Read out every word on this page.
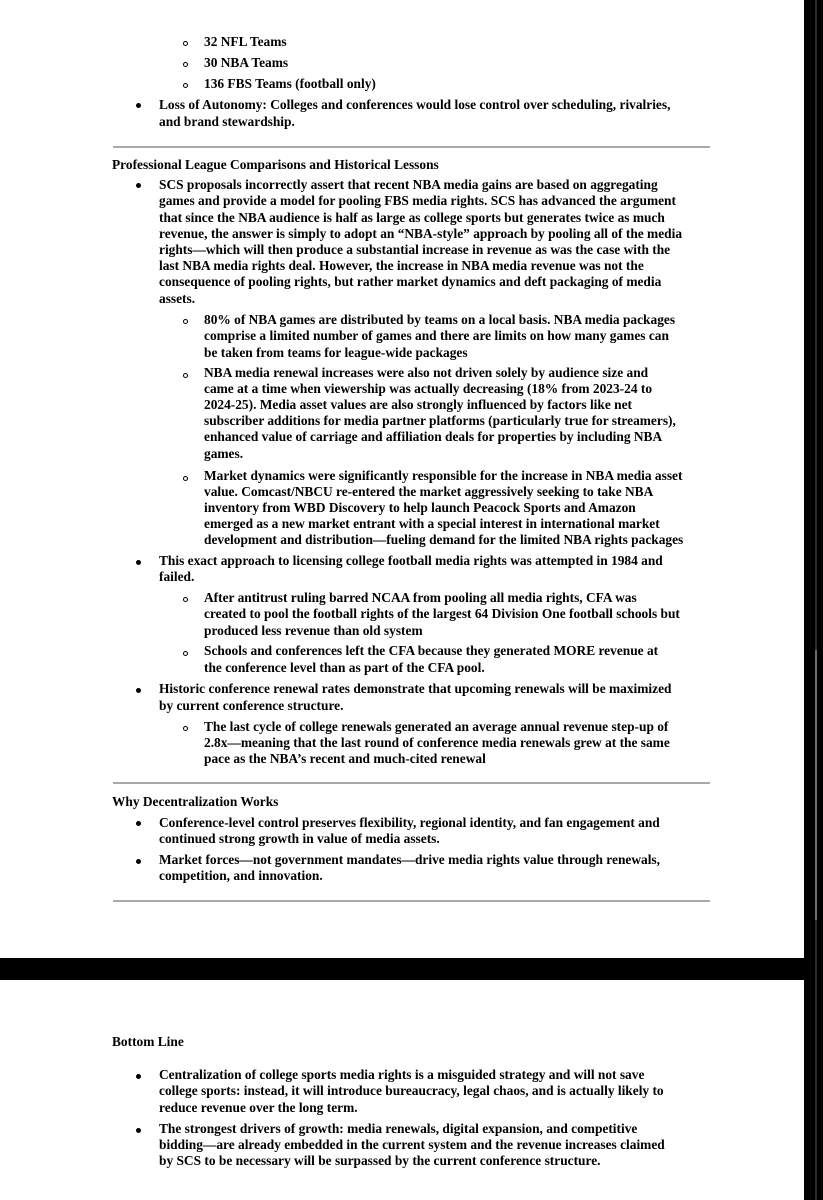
32 NFL Teams
30 NBA Teams
136 FBS Teams (football only)
Loss of Autonomy: Colleges and conferences would lose control over scheduling, rivalries,
and brand stewardship.
Professional League Comparisons and Historical Lessons
SCS proposals incorrectly assert that recent NBA media gains are based on aggregating
games and provide a model for pooling FBS media rights. SCS has advanced the argument
that since the NBA audience is half as large as college sports but generates twice as much
revenue, the answer is simply to adopt an “NBA-style” approach by pooling all of the media
rights—which will then produce a substantial increase in revenue as was the case with the
last NBA media rights deal. However, the increase in NBA media revenue was not the
consequence of pooling rights, but rather market dynamics and deft packaging of media
assets.
80% of NBA games are distributed by teams on a local basis. NBA media packages
comprise a limited number of games and there are limits on how many games can
be taken from teams for league-wide packages
NBA media renewal increases were also not driven solely by audience size and
came at a time when viewership was actually decreasing (18% from 2023-24 to
2024-25). Media asset values are also strongly influenced by factors like net
subscriber additions for media partner platforms (particularly true for streamers),
enhanced value of carriage and affiliation deals for properties by including NBA
games.
Market dynamics were significantly responsible for the increase in NBA media asset
value. Comcast/NBCU re-entered the market aggressively seeking to take NBA
inventory from WBD Discovery to help launch Peacock Sports and Amazon
emerged as a new market entrant with a special interest in international market
development and distribution—fueling demand for the limited NBA rights packages
This exact approach to licensing college football media rights was attempted in 1984 and
failed.
After antitrust ruling barred NCAA from pooling all media rights, CFA was
created to pool the football rights of the largest 64 Division One football schools but
produced less revenue than old system
Schools and conferences left the CFA because they generated MORE revenue at
the conference level than as part of the CFA pool.
Historic conference renewal rates demonstrate that upcoming renewals will be maximized
by current conference structure.
The last cycle of college renewals generated an average annual revenue step-up of
2.8x—meaning that the last round of conference media renewals grew at the same
pace as the NBA’s recent and much-cited renewal
Why Decentralization Works
Conference-level control preserves flexibility, regional identity, and fan engagement and
continued strong growth in value of media assets.
Market forces—not government mandates—drive media rights value through renewals,
competition, and innovation.
Bottom Line
Centralization of college sports media rights is a misguided strategy and will not save
college sports: instead, it will introduce bureaucracy, legal chaos, and is actually likely to
reduce revenue over the long term.
The strongest drivers of growth: media renewals, digital expansion, and competitive
bidding—are already embedded in the current system and the revenue increases claimed
by SCS to be necessary will be surpassed by the current conference structure.
